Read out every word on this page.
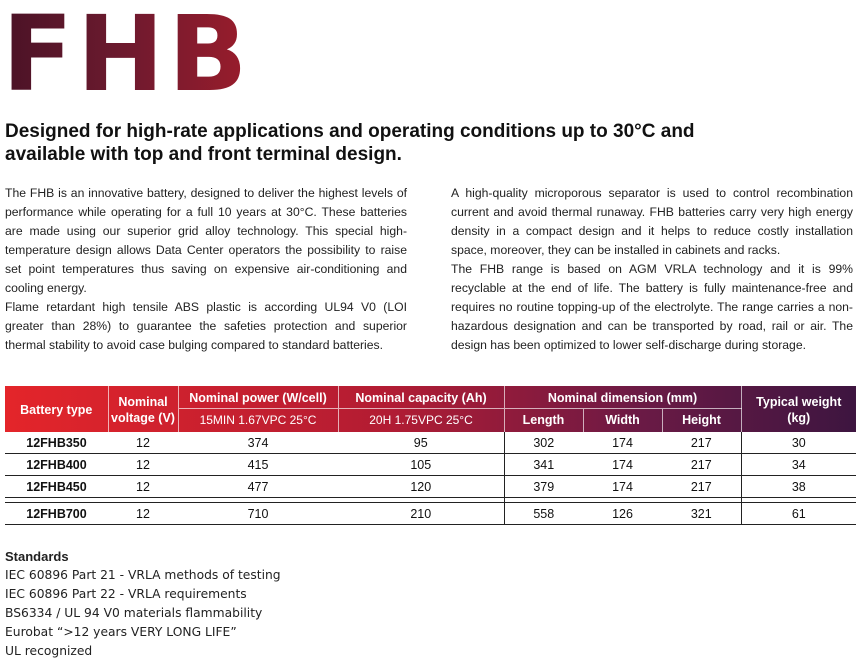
FHB
Designed for high-rate applications and operating conditions up to 30°C and available with top and front terminal design.

The FHB is an innovative battery, designed to deliver the highest levels of performance while operating for a full 10 years at 30°C. These batteries are made using our superior grid alloy technology. This special high-temperature design allows Data Center operators the possibility to raise set point temperatures thus saving on expensive air-conditioning and cooling energy.

Flame retardant high tensile ABS plastic is according UL94 V0 (LOI greater than 28%) to guarantee the safeties protection and superior thermal stability to avoid case bulging compared to standard batteries.

A high-quality microporous separator is used to control recombination current and avoid thermal runaway. FHB batteries carry very high energy density in a compact design and it helps to reduce costly installation space, moreover, they can be installed in cabinets and racks.

The FHB range is based on AGM VRLA technology and it is 99% recyclable at the end of life. The battery is fully maintenance-free and requires no routine topping-up of the electrolyte. The range carries a non-hazardous designation and can be transported by road, rail or air. The design has been optimized to lower self-discharge during storage.

Battery type	Nominal voltage (V)	Nominal power (W/cell)	Nominal capacity (Ah)	Nominal dimension (mm)			Typical weight (kg)
		15MIN 1.67VPC 25°C	20H 1.75VPC 25°C	Length	Width	Height	
12FHB350	12	374	95	302	174	217	30
12FHB400	12	415	105	341	174	217	34
12FHB450	12	477	120	379	174	217	38

12FHB700	12	710	210	558	126	321	61
Standards
IEC 60896 Part 21 - VRLA methods of testing
IEC 60896 Part 22 - VRLA requirements
BS6334 / UL 94 V0 materials flammability
Eurobat “>12 years VERY LONG LIFE”
UL recognized
